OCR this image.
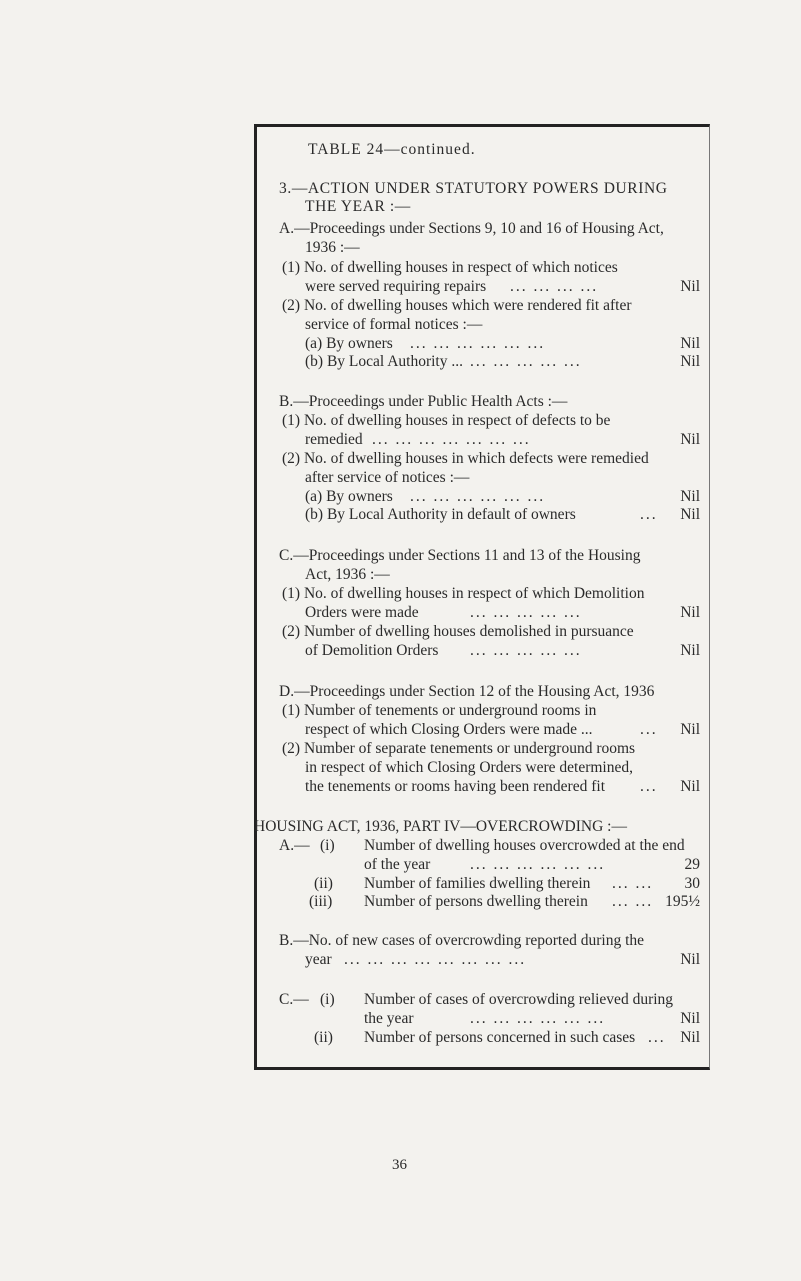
TABLE 24—continued.
3.—ACTION UNDER STATUTORY POWERS DURING
THE YEAR :—
A.—Proceedings under Sections 9, 10 and 16 of Housing Act,
1936 :—
(1) No. of dwelling houses in respect of which notices
were served requiring repairs ... ... ... ...	Nil
(2) No. of dwelling houses which were rendered fit after
service of formal notices :—
(a) By owners ... ... ... ... ... ...	Nil
(b) By Local Authority ... ... ... ... ... ...	Nil
B.—Proceedings under Public Health Acts :—
(1) No. of dwelling houses in respect of defects to be
remedied ... ... ... ... ... ... ...	Nil
(2) No. of dwelling houses in which defects were remedied
after service of notices :—
(a) By owners ... ... ... ... ... ...	Nil
(b) By Local Authority in default of owners	... Nil
C.—Proceedings under Sections 11 and 13 of the Housing
Act, 1936 :—
(1) No. of dwelling houses in respect of which Demolition
Orders were made	... ... ... ... ...	Nil
(2) Number of dwelling houses demolished in pursuance
of Demolition Orders ... ... ... ... ...	Nil
D.—Proceedings under Section 12 of the Housing Act, 1936
(1) Number of tenements or underground rooms in
respect of which Closing Orders were made ...	... Nil
(2) Number of separate tenements or underground rooms
in respect of which Closing Orders were determined,
the tenements or rooms having been rendered fit ... Nil
HOUSING ACT, 1936, PART IV—OVERCROWDING :—
A.— (i) Number of dwelling houses overcrowded at the end
of the year	... ... ... ... ... ...	29
(ii) Number of families dwelling therein ... ... 30
(iii) Number of persons dwelling therein ... ... 195½
B.—No. of new cases of overcrowding reported during the
year ... ... ... ... ... ... ... ...	Nil
C.— (i) Number of cases of overcrowding relieved during
the year	... ... ... ... ... ...	Nil
(ii) Number of persons concerned in such cases ... Nil
36
